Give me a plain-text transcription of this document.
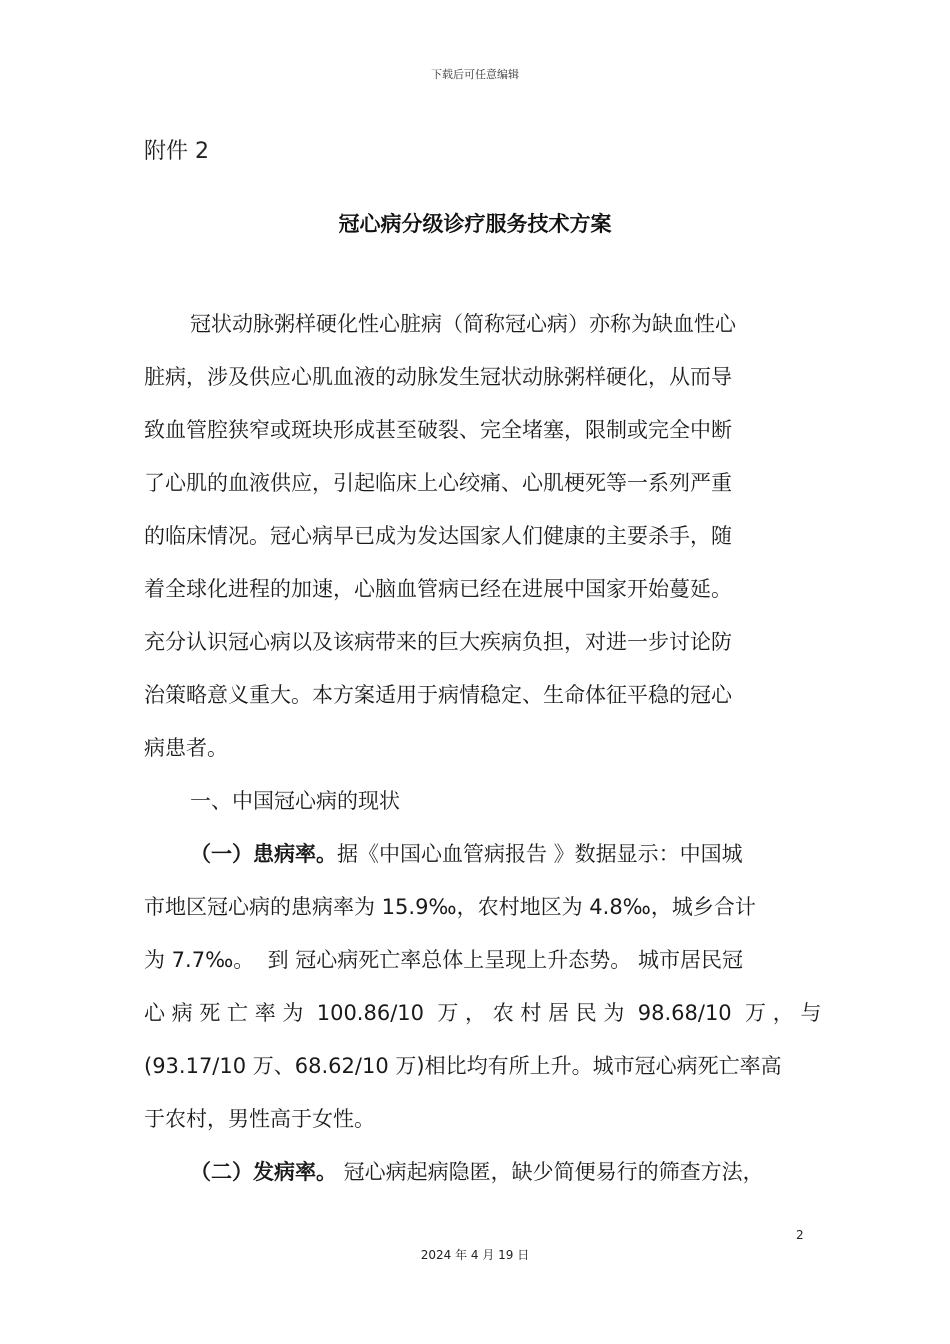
下载后可任意编辑
附件 2
冠心病分级诊疗服务技术方案
冠状动脉粥样硬化性心脏病（简称冠心病）亦称为缺血性心
脏病，涉及供应心肌血液的动脉发生冠状动脉粥样硬化，从而导
致血管腔狭窄或斑块形成甚至破裂、完全堵塞，限制或完全中断
了心肌的血液供应，引起临床上心绞痛、心肌梗死等一系列严重
的临床情况。冠心病早已成为发达国家人们健康的主要杀手，随
着全球化进程的加速，心脑血管病已经在进展中国家开始蔓延。
充分认识冠心病以及该病带来的巨大疾病负担，对进一步讨论防
治策略意义重大。本方案适用于病情稳定、生命体征平稳的冠心
病患者。
一、中国冠心病的现状
（一）患病率。据《中国心血管病报告 》数据显示：中国城
市地区冠心病的患病率为 15.9‰，农村地区为 4.8‰，城乡合计
为 7.7‰。  到 冠心病死亡率总体上呈现上升态势。 城市居民冠
心 病 死 亡 率 为  100.86/10  万 ， 农 村 居 民 为  98.68/10  万 ， 与
(93.17/10 万、68.62/10 万)相比均有所上升。城市冠心病死亡率高
于农村，男性高于女性。
（二）发病率。 冠心病起病隐匿，缺少简便易行的筛查方法，
2
2024 年 4 月 19 日
